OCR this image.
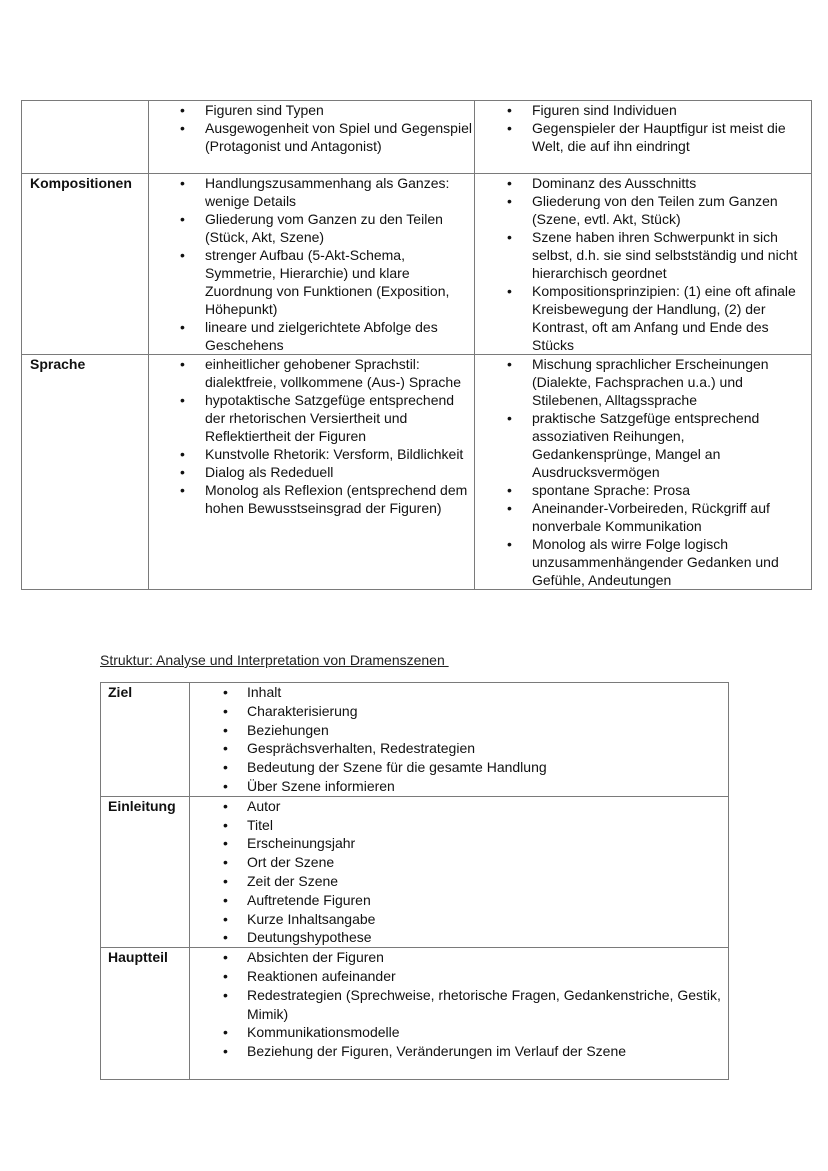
• Figuren sind Typen
• Ausgewogenheit von Spiel und Gegenspiel (Protagonist und Antagonist)

• Figuren sind Individuen
• Gegenspieler der Hauptfigur ist meist die Welt, die auf ihn eindringt

Kompositionen	
•Handlungszusammenhang als Ganzes: wenige Details
• Gliederung vom Ganzen zu den Teilen (Stück, Akt, Szene)
• strenger Aufbau (5-Akt-Schema, Symmetrie, Hierarchie) und klare Zuordnung von Funktionen (Exposition, Höhepunkt)
• lineare und zielgerichtete Abfolge des Geschehens

• Dominanz des Ausschnitts
• Gliederung von den Teilen zum Ganzen (Szene, evtl. Akt, Stück)
• Szene haben ihren Schwerpunkt in sich selbst, d.h. sie sind selbstständig und nicht hierarchisch geordnet
• Kompositionsprinzipien: (1) eine oft afinale Kreisbewegung der Handlung, (2) der Kontrast, oft am Anfang und Ende des Stücks

Sprache	
•einheitlicher gehobener Sprachstil: dialektfreie, vollkommene (Aus-) Sprache
• hypotaktische Satzgefüge entsprechend der rhetorischen Versiertheit und Reflektiertheit der Figuren
• Kunstvolle Rhetorik: Versform, Bildlichkeit
• Dialog als Rededuell
• Monolog als Reflexion (entsprechend dem hohen Bewusstseinsgrad der Figuren)

• Mischung sprachlicher Erscheinungen (Dialekte, Fachsprachen u.a.) und Stilebenen, Alltagssprache
• praktische Satzgefüge entsprechend assoziativen Reihungen, Gedankensprünge, Mangel an Ausdrucksvermögen
• spontane Sprache: Prosa
• Aneinander-Vorbeireden, Rückgriff auf nonverbale Kommunikation
• Monolog als wirre Folge logisch unzusammenhängender Gedanken und Gefühle, Andeutungen
Struktur: Analyse und Interpretation von Dramenszenen
Ziel	
•Inhalt
• Charakterisierung
• Beziehungen
• Gesprächsverhalten, Redestrategien
• Bedeutung der Szene für die gesamte Handlung
• Über Szene informieren

Einleitung	
•Autor
• Titel
• Erscheinungsjahr
• Ort der Szene
• Zeit der Szene
• Auftretende Figuren
• Kurze Inhaltsangabe
• Deutungshypothese

Hauptteil	
•Absichten der Figuren
• Reaktionen aufeinander
• Redestrategien (Sprechweise, rhetorische Fragen, Gedankenstriche, Gestik, Mimik)
• Kommunikationsmodelle
• Beziehung der Figuren, Veränderungen im Verlauf der Szene
